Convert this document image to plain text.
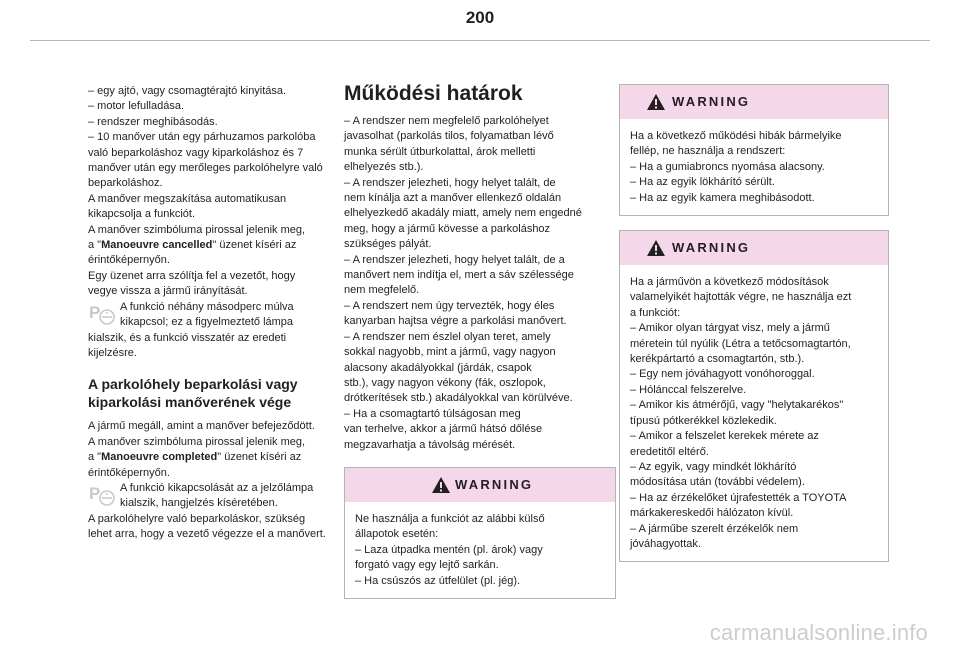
200
– egy ajtó, vagy csomagtérajtó kinyitása.
– motor lefulladása.
– rendszer meghibásodás.
– 10 manőver után egy párhuzamos parkolóba
való beparkoláshoz vagy kiparkoláshoz és 7
manőver után egy merőleges parkolóhelyre való
beparkoláshoz.
A manőver megszakítása automatikusan
kikapcsolja a funkciót.
A manőver szimbóluma pirossal jelenik meg,
a "Manoeuvre cancelled" üzenet kíséri az
érintőképernyőn.
Egy üzenet arra szólítja fel a vezetőt, hogy
vegye vissza a jármű irányítását.
P A funkció néhány másodperc múlva
kikapcsol; ez a figyelmeztető lámpa
kialszik, és a funkció visszatér az eredeti
kijelzésre.
A parkolóhely beparkolási vagy
kiparkolási manőverének vége
A jármű megáll, amint a manőver befejeződött.
A manőver szimbóluma pirossal jelenik meg,
a "Manoeuvre completed" üzenet kíséri az
érintőképernyőn.
P A funkció kikapcsolását az a jelzőlámpa
kialszik, hangjelzés kíséretében.
A parkolóhelyre való beparkoláskor, szükség
lehet arra, hogy a vezető végezze el a manővert.
Működési határok
– A rendszer nem megfelelő parkolóhelyet
javasolhat (parkolás tilos, folyamatban lévő
munka sérült útburkolattal, árok melletti
elhelyezés stb.).
– A rendszer jelezheti, hogy helyet talált, de
nem kínálja azt a manőver ellenkező oldalán
elhelyezkedő akadály miatt, amely nem engedné
meg, hogy a jármű kövesse a parkoláshoz
szükséges pályát.
– A rendszer jelezheti, hogy helyet talált, de a
manővert nem indítja el, mert a sáv szélessége
nem megfelelő.
– A rendszert nem úgy tervezték, hogy éles
kanyarban hajtsa végre a parkolási manővert.
– A rendszer nem észlel olyan teret, amely
sokkal nagyobb, mint a jármű, vagy nagyon
alacsony akadályokkal (járdák, csapok
stb.), vagy nagyon vékony (fák, oszlopok,
drótkerítések stb.) akadályokkal van körülvéve.
– Ha a csomagtartó túlságosan meg
van terhelve, akkor a jármű hátsó dőlése
megzavarhatja a távolság mérését.
WARNING
Ne használja a funkciót az alábbi külső
állapotok esetén:
– Laza útpadka mentén (pl. árok) vagy
forgató vagy egy lejtő sarkán.
– Ha csúszós az útfelület (pl. jég).
WARNING
Ha a következő működési hibák bármelyike
fellép, ne használja a rendszert:
– Ha a gumiabroncs nyomása alacsony.
– Ha az egyik lökhárító sérült.
– Ha az egyik kamera meghibásodott.
WARNING
Ha a járművön a következő módosítások
valamelyikét hajtották végre, ne használja ezt
a funkciót:
– Amikor olyan tárgyat visz, mely a jármű
méretein túl nyúlik (Létra a tetőcsomagtartón,
kerékpártartó a csomagtartón, stb.).
– Egy nem jóváhagyott vonóhoroggal.
– Hólánccal felszerelve.
– Amikor kis átmérőjű, vagy "helytakarékos"
típusú pótkerékkel közlekedik.
– Amikor a felszelet kerekek mérete az
eredetitől eltérő.
– Az egyik, vagy mindkét lökhárító
módosítása után (további védelem).
– Ha az érzékelőket újrafestették a TOYOTA
márkakereskedői hálózaton kívül.
– A járműbe szerelt érzékelők nem
jóváhagyottak.
carmanualsonline.info
